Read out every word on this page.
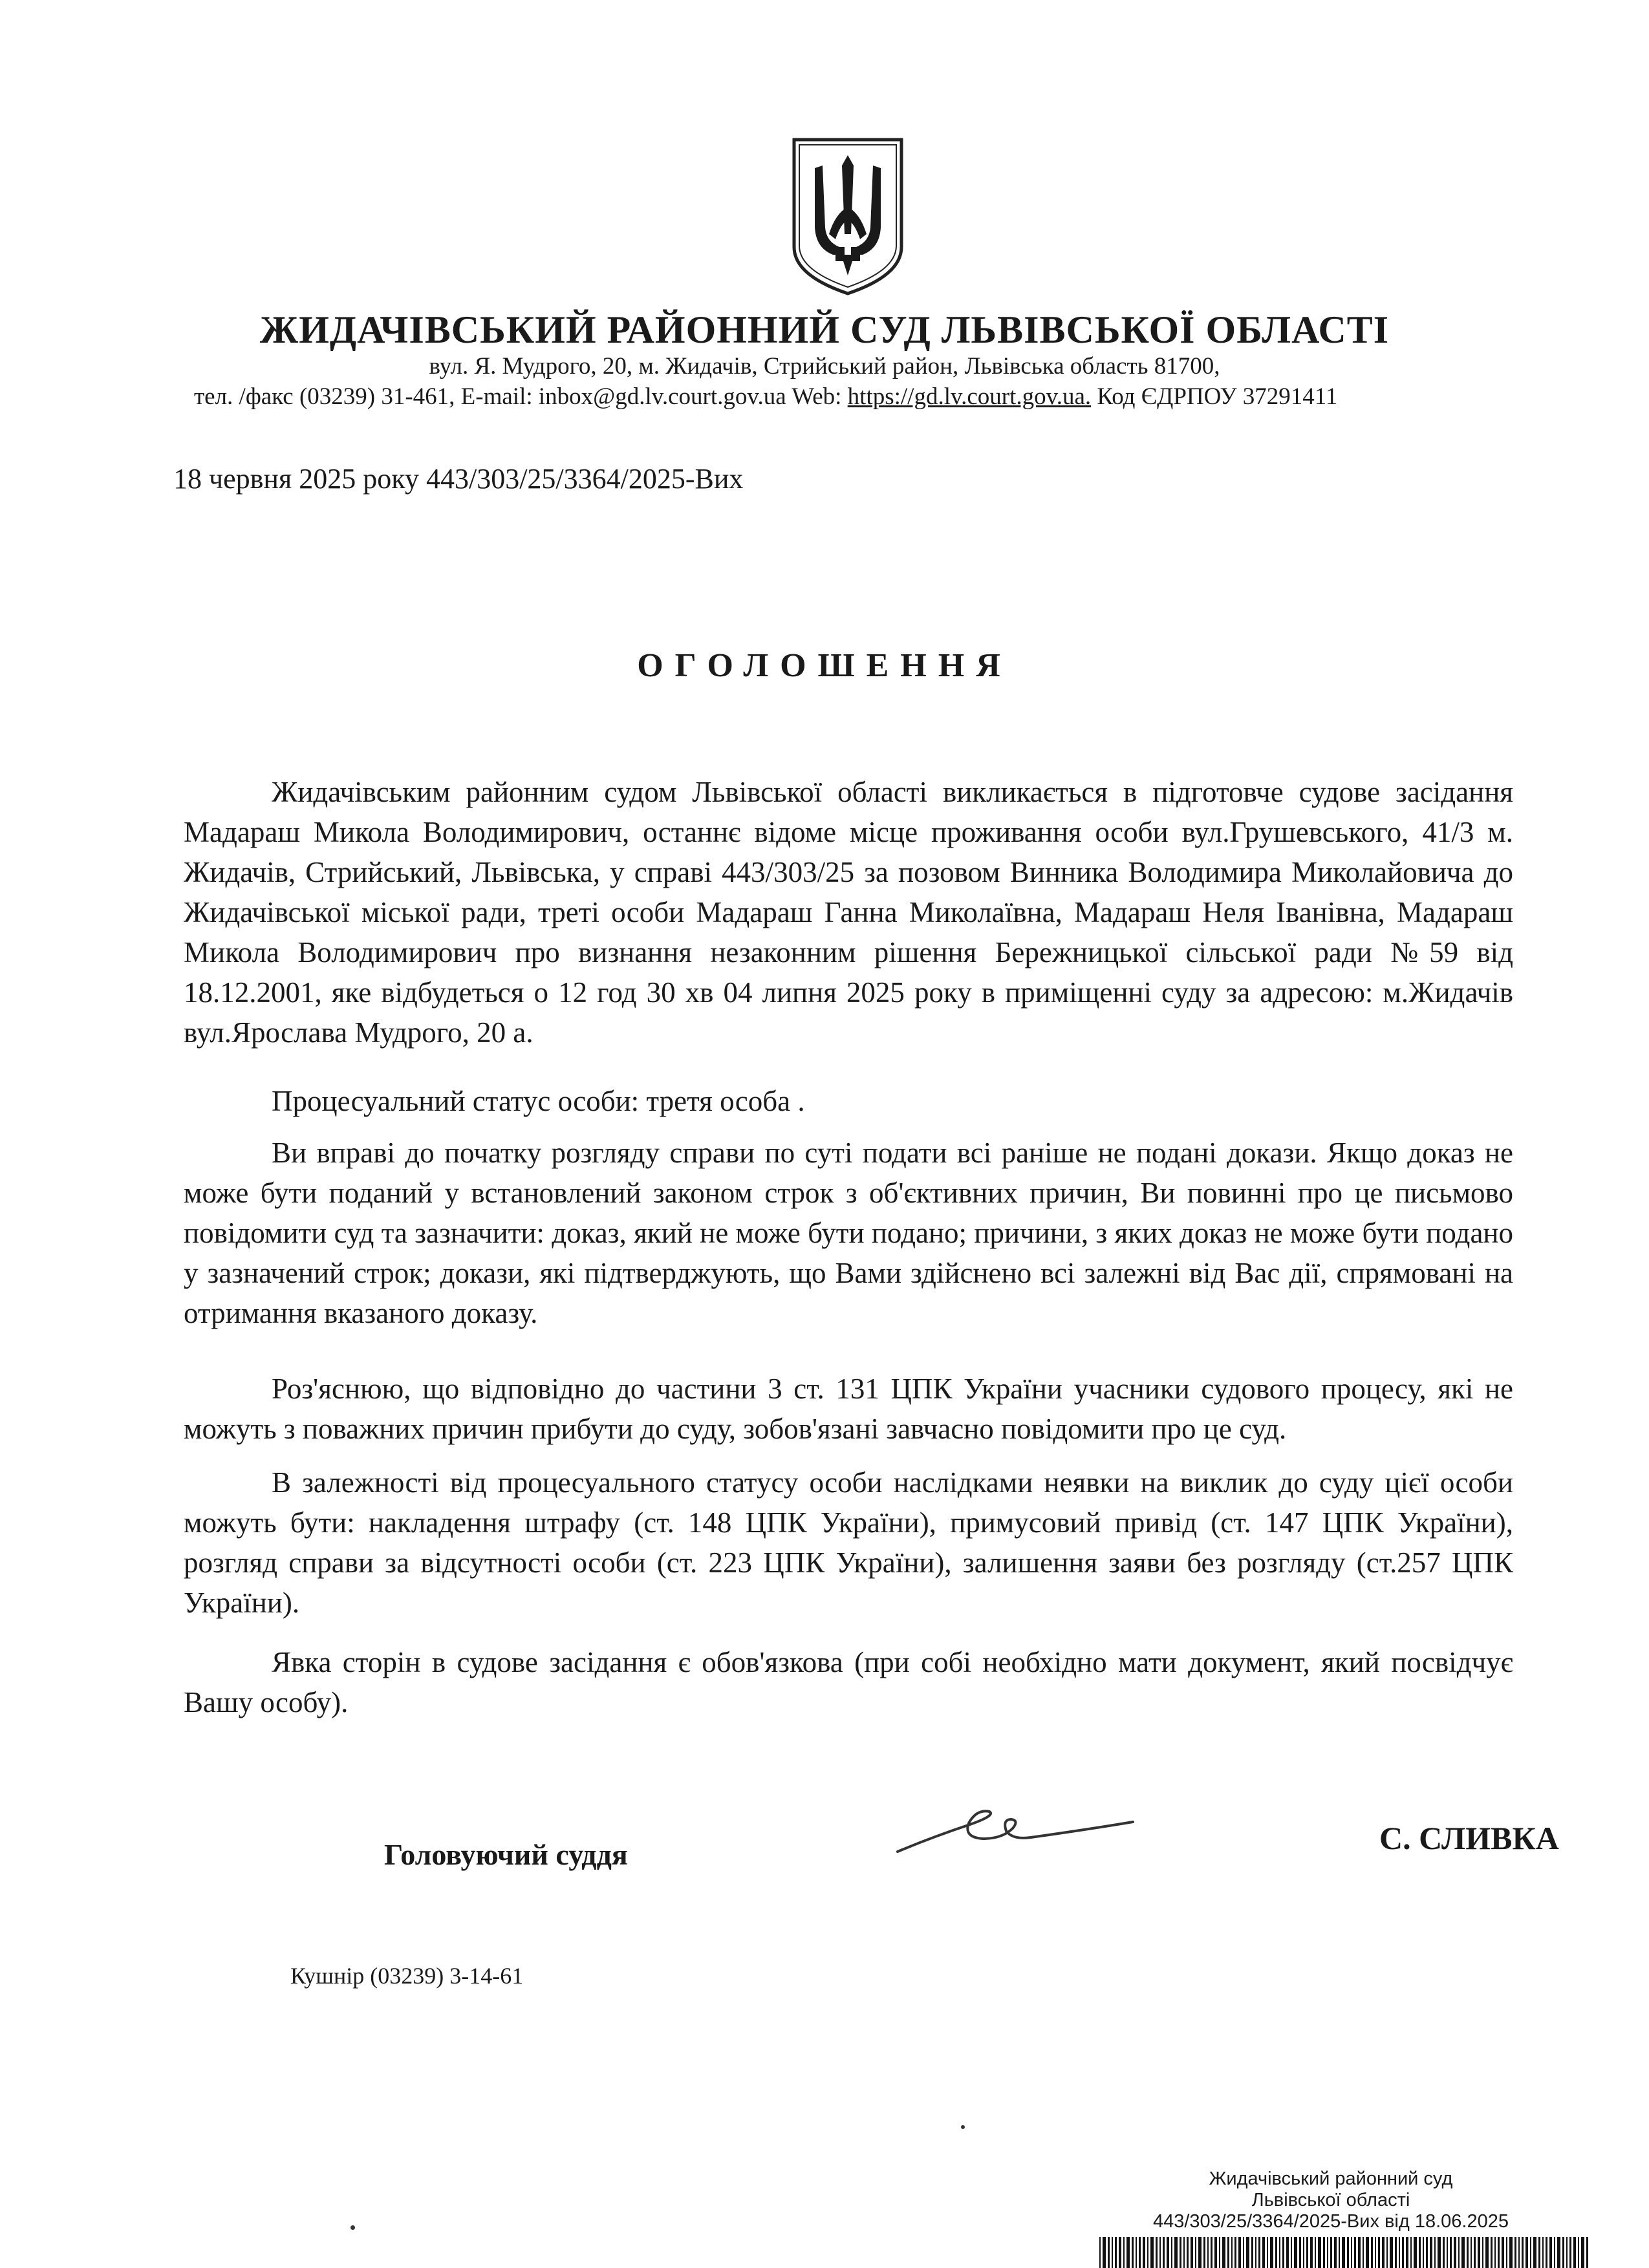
ЖИДАЧІВСЬКИЙ РАЙОННИЙ СУД ЛЬВІВСЬКОЇ ОБЛАСТІ
вул. Я. Мудрого, 20, м. Жидачів, Стрийський район, Львівська область 81700,
тел. /факс (03239) 31-461, E-mail: inbox@gd.lv.court.gov.ua Web: https://gd.lv.court.gov.ua. Код ЄДРПОУ 37291411
18 червня 2025 року 443/303/25/3364/2025-Вих
ОГОЛОШЕННЯ

Жидачівським районним судом Львівської області викликається в підготовче судове засідання Мадараш Микола Володимирович, останнє відоме місце проживання особи вул.Грушевського, 41/3 м. Жидачів, Стрийський, Львівська, у справі 443/303/25 за позовом Винника Володимира Миколайовича до Жидачівської міської ради, треті особи Мадараш Ганна Миколаївна, Мадараш Неля Іванівна, Мадараш Микола Володимирович про визнання незаконним рішення Бережницької сільської ради №59 від 18.12.2001, яке відбудеться о 12 год 30 хв 04 липня 2025 року в приміщенні суду за адресою: м.Жидачів вул.Ярослава Мудрого, 20 а.

Процесуальний статус особи: третя особа .

Ви вправі до початку розгляду справи по суті подати всі раніше не подані докази. Якщо доказ не може бути поданий у встановлений законом строк з об'єктивних причин, Ви повинні про це письмово повідомити суд та зазначити: доказ, який не може бути подано; причини, з яких доказ не може бути подано у зазначений строк; докази, які підтверджують, що Вами здійснено всі залежні від Вас дії, спрямовані на отримання вказаного доказу.

Роз'яснюю, що відповідно до частини 3 ст. 131 ЦПК України учасники судового процесу, які не можуть з поважних причин прибути до суду, зобов'язані завчасно повідомити про це суд.

В залежності від процесуального статусу особи наслідками неявки на виклик до суду цієї особи можуть бути: накладення штрафу (ст. 148 ЦПК України), примусовий привід (ст. 147 ЦПК України), розгляд справи за відсутності особи (ст. 223 ЦПК України), залишення заяви без розгляду (ст.257 ЦПК України).

Явка сторін в судове засідання є обов'язкова (при собі необхідно мати документ, який посвідчує Вашу особу).

Головуючий суддя	С. СЛИВКА
Кушнір (03239) 3-14-61
Жидачівський районний суд
Львівської області
443/303/25/3364/2025-Вих від 18.06.2025
